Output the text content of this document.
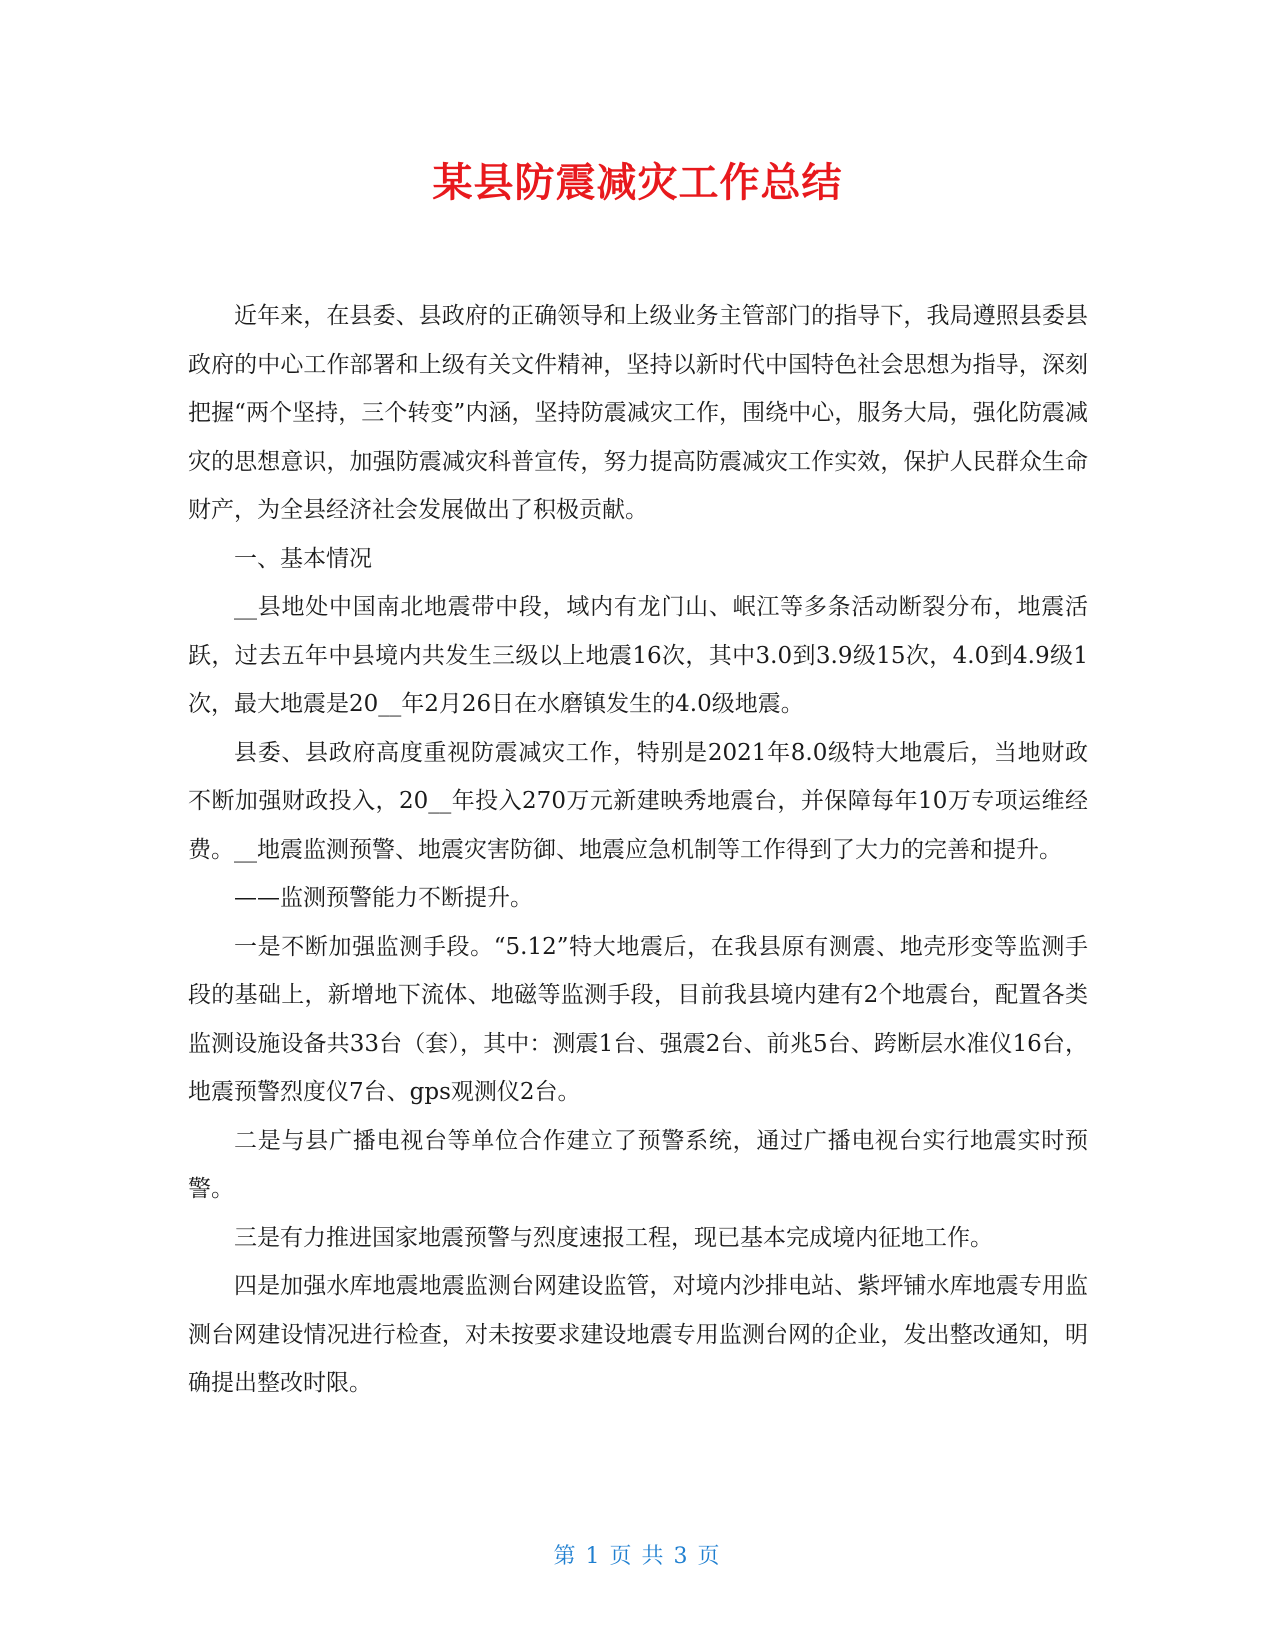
某县防震减灾工作总结

近年来，在县委、县政府的正确领导和上级业务主管部门的指导下，我局遵照县委县政府的中心工作部署和上级有关文件精神，坚持以新时代中国特色社会思想为指导，深刻把握“两个坚持，三个转变”内涵，坚持防震减灾工作，围绕中心，服务大局，强化防震减灾的思想意识，加强防震减灾科普宣传，努力提高防震减灾工作实效，保护人民群众生命财产，为全县经济社会发展做出了积极贡献。

一、基本情况

__县地处中国南北地震带中段，域内有龙门山、岷江等多条活动断裂分布，地震活跃，过去五年中县境内共发生三级以上地震16次，其中3.0到3.9级15次，4.0到4.9级1次，最大地震是20__年2月26日在水磨镇发生的4.0级地震。

县委、县政府高度重视防震减灾工作，特别是2021年8.0级特大地震后，当地财政不断加强财政投入，20__年投入270万元新建映秀地震台，并保障每年10万专项运维经费。__地震监测预警、地震灾害防御、地震应急机制等工作得到了大力的完善和提升。

——监测预警能力不断提升。

一是不断加强监测手段。“5.12”特大地震后，在我县原有测震、地壳形变等监测手段的基础上，新增地下流体、地磁等监测手段，目前我县境内建有2个地震台，配置各类监测设施设备共33台（套），其中：测震1台、强震2台、前兆5台、跨断层水准仪16台，地震预警烈度仪7台、gps观测仪2台。

二是与县广播电视台等单位合作建立了预警系统，通过广播电视台实行地震实时预警。

三是有力推进国家地震预警与烈度速报工程，现已基本完成境内征地工作。

四是加强水库地震地震监测台网建设监管，对境内沙排电站、紫坪铺水库地震专用监测台网建设情况进行检查，对未按要求建设地震专用监测台网的企业，发出整改通知，明确提出整改时限。

第 1 页 共 3 页
